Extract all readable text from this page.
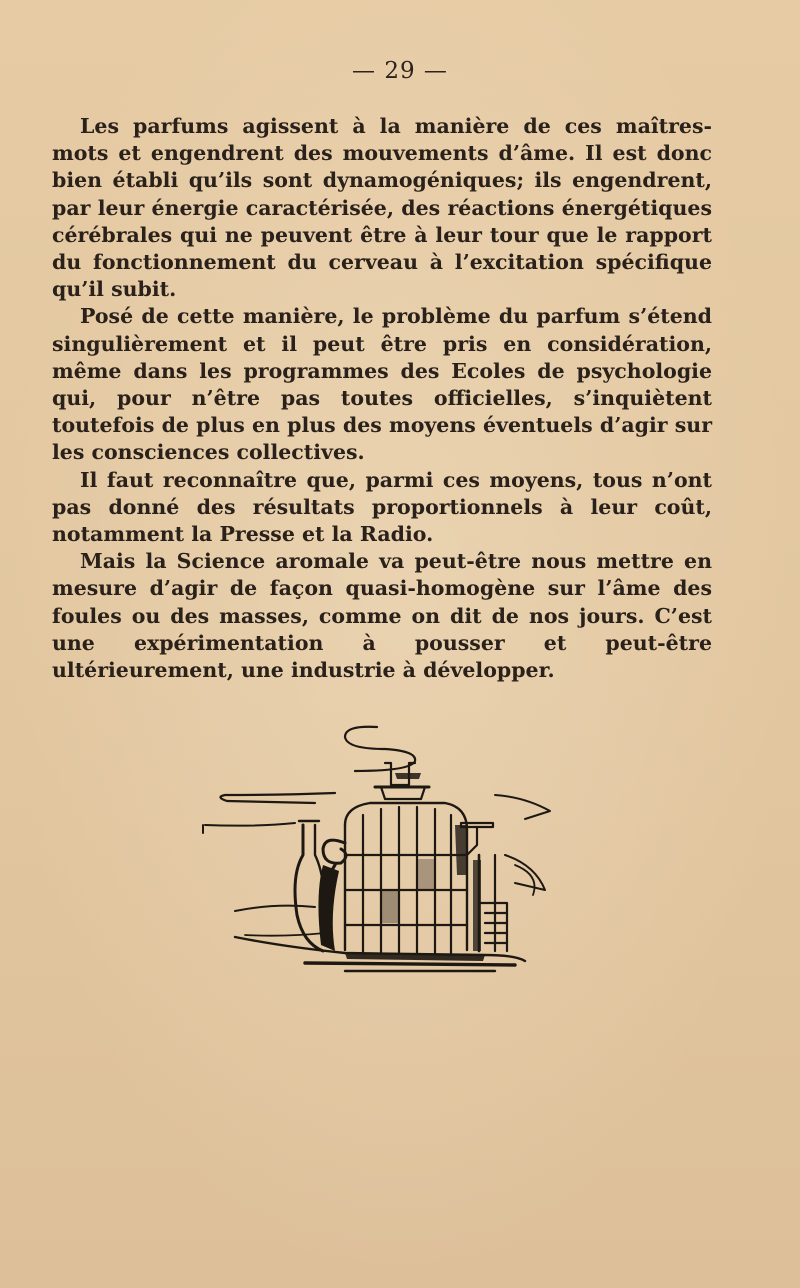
— 29 —

Les parfums agissent à la manière de ces maîtres-mots et engendrent des mouvements d’âme. Il est donc bien établi qu’ils sont dynamogéniques; ils engendrent, par leur énergie caractérisée, des réactions énergétiques cérébrales qui ne peuvent être à leur tour que le rapport du fonctionnement du cerveau à l’excitation spécifique qu’il subit.

Posé de cette manière, le problème du parfum s’étend singulièrement et il peut être pris en considération, même dans les programmes des Ecoles de psychologie qui, pour n’être pas toutes officielles, s’inquiètent toutefois de plus en plus des moyens éventuels d’agir sur les consciences collectives.

Il faut reconnaître que, parmi ces moyens, tous n’ont pas donné des résultats proportionnels à leur coût, notamment la Presse et la Radio.

Mais la Science aromale va peut-être nous mettre en mesure d’agir de façon quasi-homogène sur l’âme des foules ou des masses, comme on dit de nos jours. C’est une expérimentation à pousser et peut-être ultérieurement, une industrie à développer.
